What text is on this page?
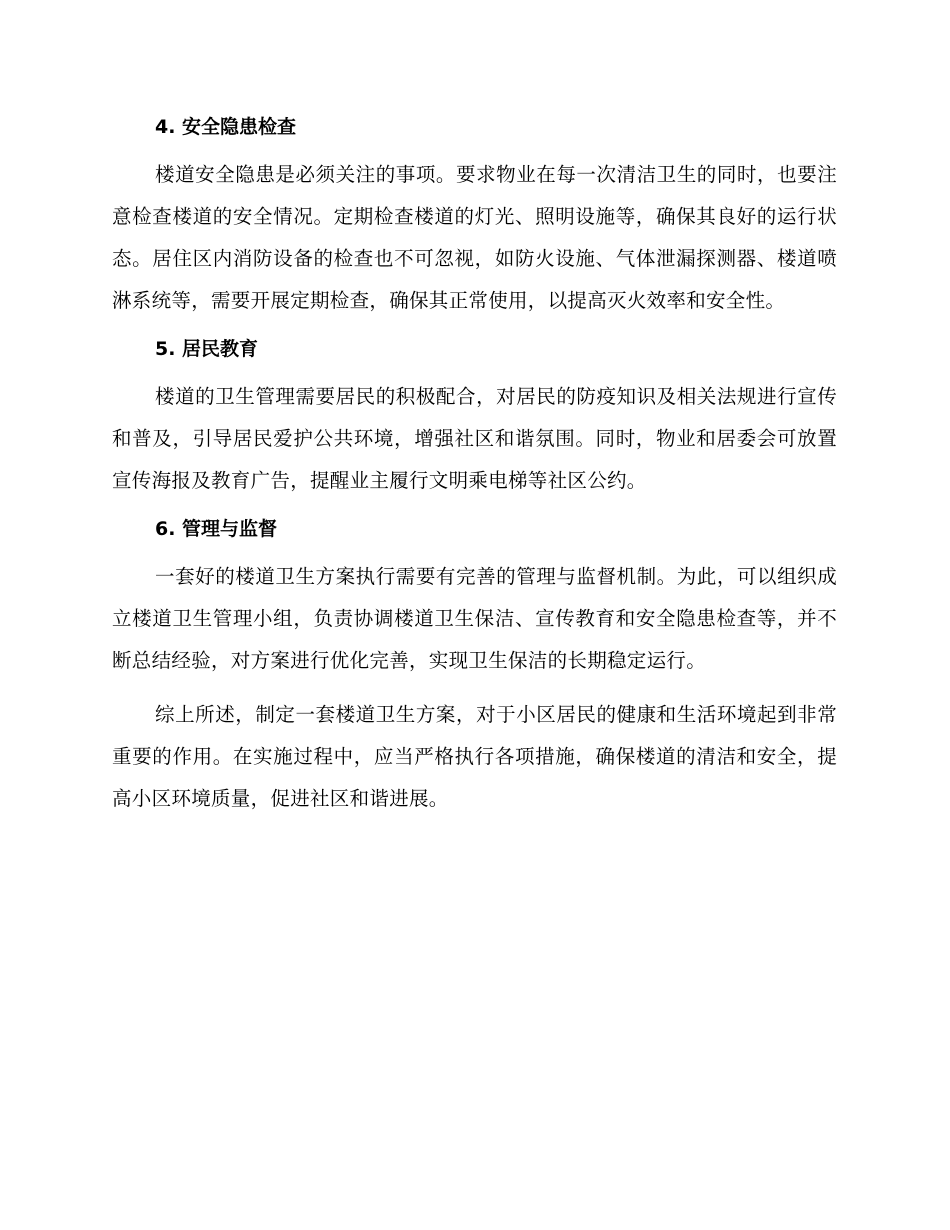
4. 安全隐患检查

楼道安全隐患是必须关注的事项。要求物业在每一次清洁卫生的同时，也要注意检查楼道的安全情况。定期检查楼道的灯光、照明设施等，确保其良好的运行状态。居住区内消防设备的检查也不可忽视，如防火设施、气体泄漏探测器、楼道喷淋系统等，需要开展定期检查，确保其正常使用，以提高灭火效率和安全性。

5. 居民教育

楼道的卫生管理需要居民的积极配合，对居民的防疫知识及相关法规进行宣传和普及，引导居民爱护公共环境，增强社区和谐氛围。同时，物业和居委会可放置宣传海报及教育广告，提醒业主履行文明乘电梯等社区公约。

6. 管理与监督

一套好的楼道卫生方案执行需要有完善的管理与监督机制。为此，可以组织成立楼道卫生管理小组，负责协调楼道卫生保洁、宣传教育和安全隐患检查等，并不断总结经验，对方案进行优化完善，实现卫生保洁的长期稳定运行。

综上所述，制定一套楼道卫生方案，对于小区居民的健康和生活环境起到非常重要的作用。在实施过程中，应当严格执行各项措施，确保楼道的清洁和安全，提高小区环境质量，促进社区和谐进展。
